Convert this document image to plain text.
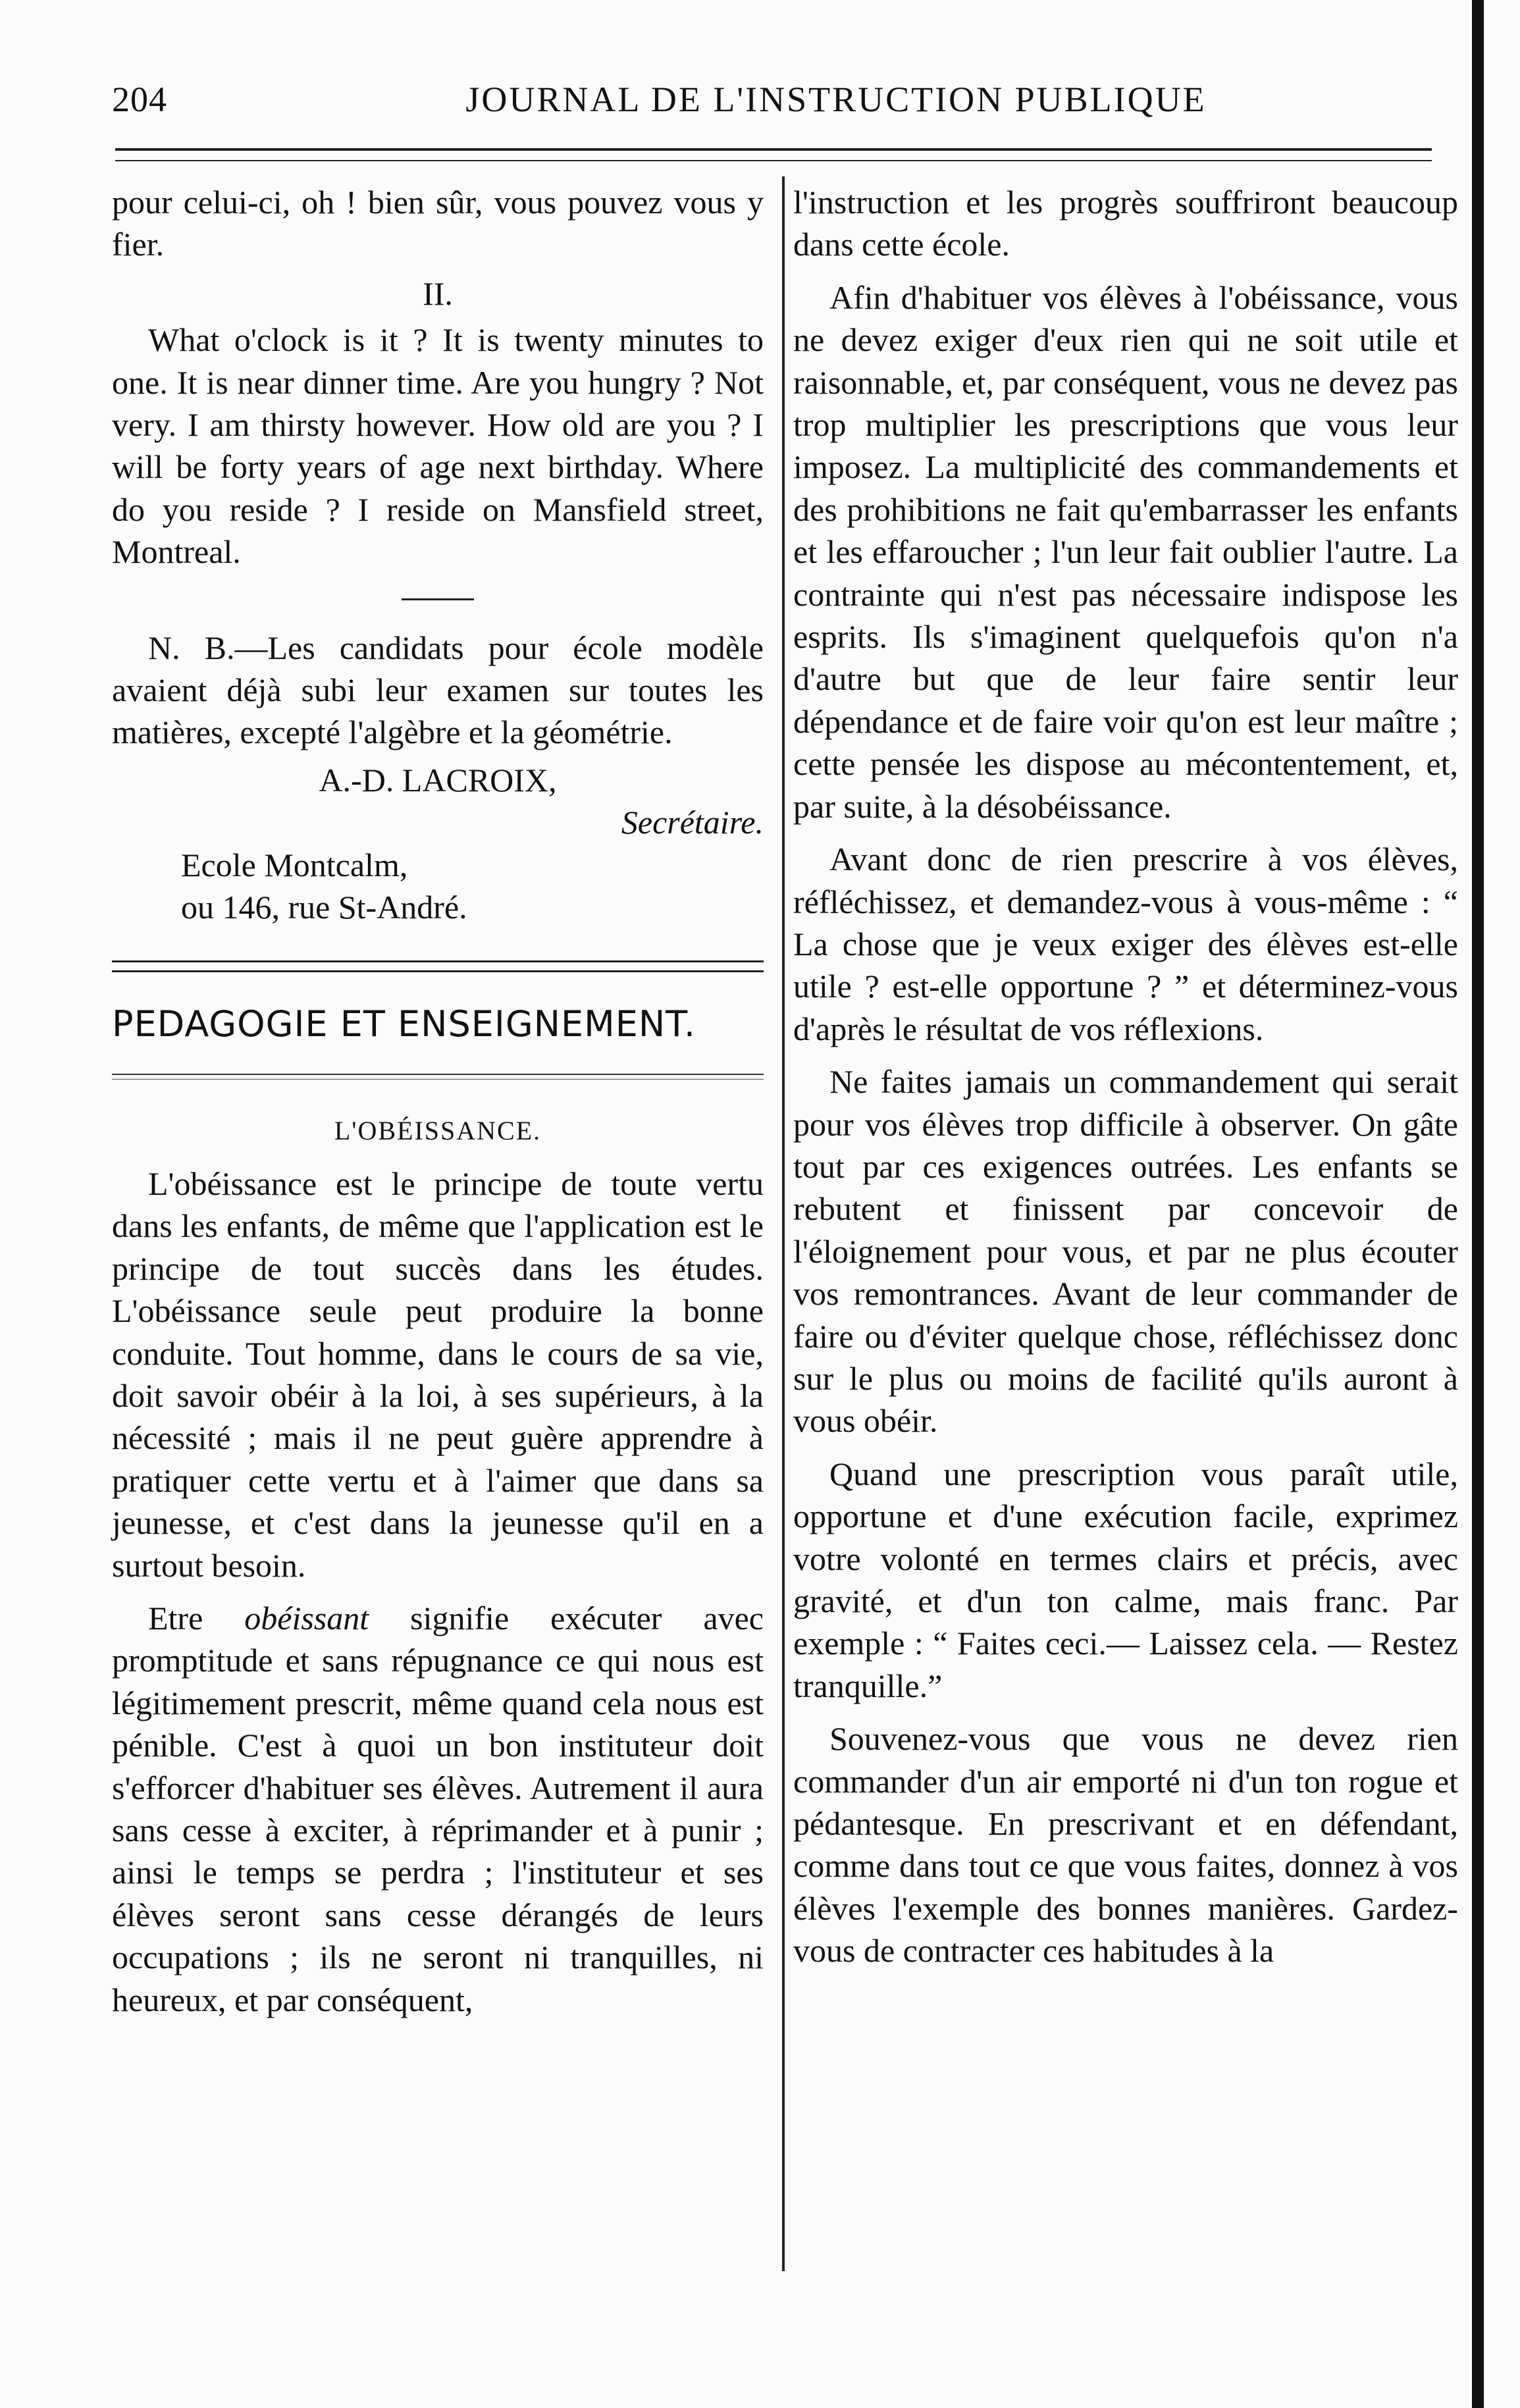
204	JOURNAL DE L'INSTRUCTION PUBLIQUE

pour celui-ci, oh ! bien sûr, vous pouvez vous y fier.

II.

What o'clock is it ? It is twenty minutes to one. It is near dinner time. Are you hungry ? Not very. I am thirsty however. How old are you ? I will be forty years of age next birthday. Where do you reside ? I reside on Mansfield street, Montreal.

N. B.—Les candidats pour école modèle avaient déjà subi leur examen sur toutes les matières, excepté l'algèbre et la géométrie.

A.-D. LACROIX,

Secrétaire.

Ecole Montcalm,

ou 146, rue St-André.

PEDAGOGIE ET ENSEIGNEMENT.

L'OBÉISSANCE.

L'obéissance est le principe de toute vertu dans les enfants, de même que l'application est le principe de tout succès dans les études. L'obéissance seule peut produire la bonne conduite. Tout homme, dans le cours de sa vie, doit savoir obéir à la loi, à ses supérieurs, à la nécessité ; mais il ne peut guère apprendre à pratiquer cette vertu et à l'aimer que dans sa jeunesse, et c'est dans la jeunesse qu'il en a surtout besoin.

Etre obéissant signifie exécuter avec promptitude et sans répugnance ce qui nous est légitimement prescrit, même quand cela nous est pénible. C'est à quoi un bon instituteur doit s'efforcer d'habituer ses élèves. Autrement il aura sans cesse à exciter, à réprimander et à punir ; ainsi le temps se perdra ; l'instituteur et ses élèves seront sans cesse dérangés de leurs occupations ; ils ne seront ni tranquilles, ni heureux, et par conséquent,

l'instruction et les progrès souffriront beaucoup dans cette école.

Afin d'habituer vos élèves à l'obéissance, vous ne devez exiger d'eux rien qui ne soit utile et raisonnable, et, par conséquent, vous ne devez pas trop multiplier les prescriptions que vous leur imposez. La multiplicité des commandements et des prohibitions ne fait qu'embarrasser les enfants et les effaroucher ; l'un leur fait oublier l'autre. La contrainte qui n'est pas nécessaire indispose les esprits. Ils s'imaginent quelquefois qu'on n'a d'autre but que de leur faire sentir leur dépendance et de faire voir qu'on est leur maître ; cette pensée les dispose au mécontentement, et, par suite, à la désobéissance.

Avant donc de rien prescrire à vos élèves, réfléchissez, et demandez-vous à vous-même : “ La chose que je veux exiger des élèves est-elle utile ? est-elle opportune ? ” et déterminez-vous d'après le résultat de vos réflexions.

Ne faites jamais un commandement qui serait pour vos élèves trop difficile à observer. On gâte tout par ces exigences outrées. Les enfants se rebutent et finissent par concevoir de l'éloignement pour vous, et par ne plus écouter vos remontrances. Avant de leur commander de faire ou d'éviter quelque chose, réfléchissez donc sur le plus ou moins de facilité qu'ils auront à vous obéir.

Quand une prescription vous paraît utile, opportune et d'une exécution facile, exprimez votre volonté en termes clairs et précis, avec gravité, et d'un ton calme, mais franc. Par exemple : “ Faites ceci.— Laissez cela. — Restez tranquille.”

Souvenez-vous que vous ne devez rien commander d'un air emporté ni d'un ton rogue et pédantesque. En prescrivant et en défendant, comme dans tout ce que vous faites, donnez à vos élèves l'exemple des bonnes manières. Gardez-vous de contracter ces habitudes à la
